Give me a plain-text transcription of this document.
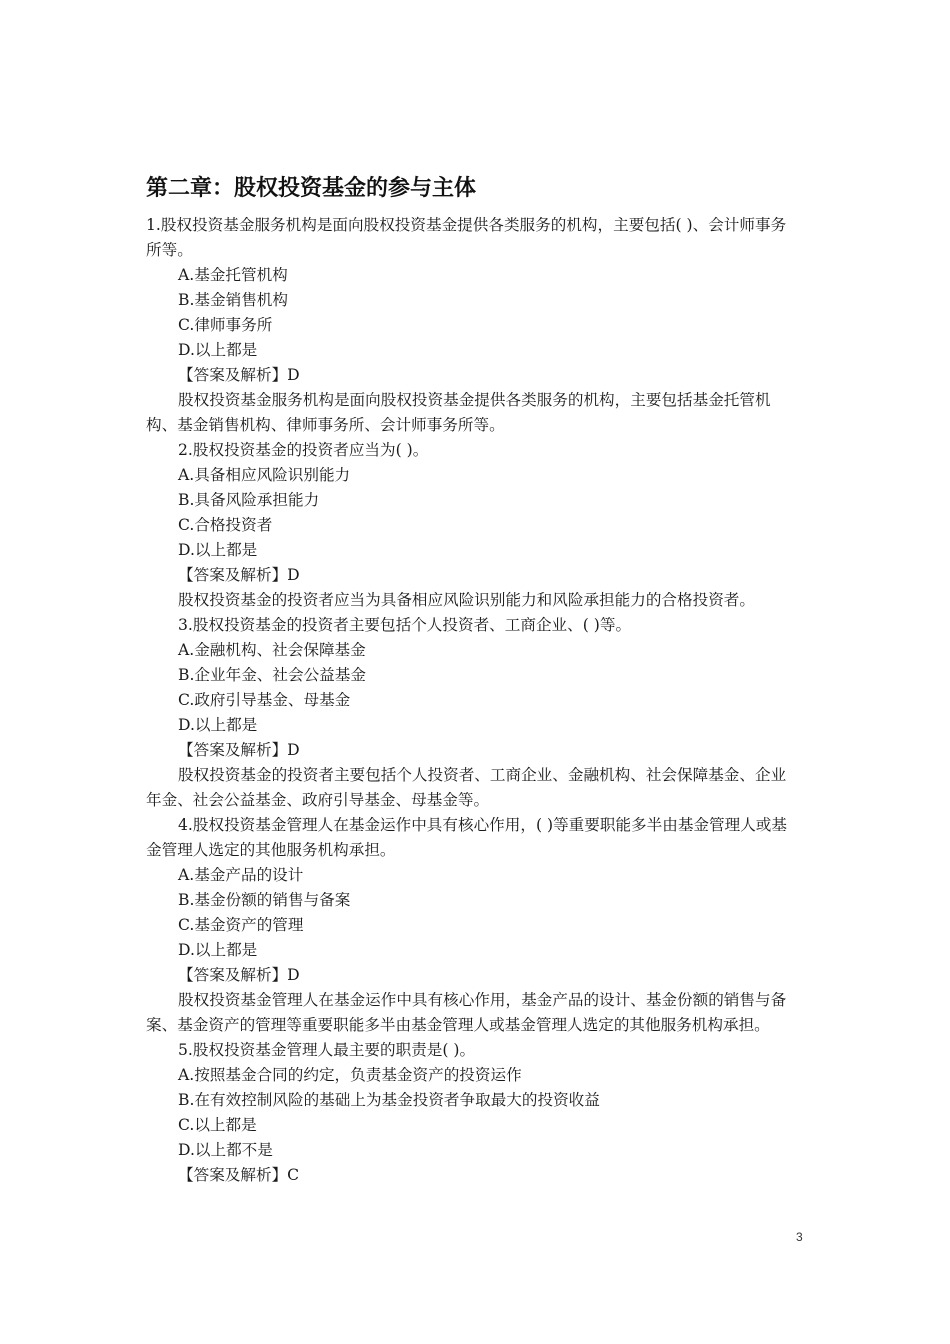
第二章：股权投资基金的参与主体

1.股权投资基金服务机构是面向股权投资基金提供各类服务的机构，主要包括( )、会计师事务所等。

A.基金托管机构

B.基金销售机构

C.律师事务所

D.以上都是

【答案及解析】D

股权投资基金服务机构是面向股权投资基金提供各类服务的机构，主要包括基金托管机构、基金销售机构、律师事务所、会计师事务所等。

2.股权投资基金的投资者应当为( )。

A.具备相应风险识别能力

B.具备风险承担能力

C.合格投资者

D.以上都是

【答案及解析】D

股权投资基金的投资者应当为具备相应风险识别能力和风险承担能力的合格投资者。

3.股权投资基金的投资者主要包括个人投资者、工商企业、( )等。

A.金融机构、社会保障基金

B.企业年金、社会公益基金

C.政府引导基金、母基金

D.以上都是

【答案及解析】D

股权投资基金的投资者主要包括个人投资者、工商企业、金融机构、社会保障基金、企业年金、社会公益基金、政府引导基金、母基金等。

4.股权投资基金管理人在基金运作中具有核心作用，( )等重要职能多半由基金管理人或基金管理人选定的其他服务机构承担。

A.基金产品的设计

B.基金份额的销售与备案

C.基金资产的管理

D.以上都是

【答案及解析】D

股权投资基金管理人在基金运作中具有核心作用，基金产品的设计、基金份额的销售与备案、基金资产的管理等重要职能多半由基金管理人或基金管理人选定的其他服务机构承担。

5.股权投资基金管理人最主要的职责是( )。

A.按照基金合同的约定，负责基金资产的投资运作

B.在有效控制风险的基础上为基金投资者争取最大的投资收益

C.以上都是

D.以上都不是

【答案及解析】C

3
